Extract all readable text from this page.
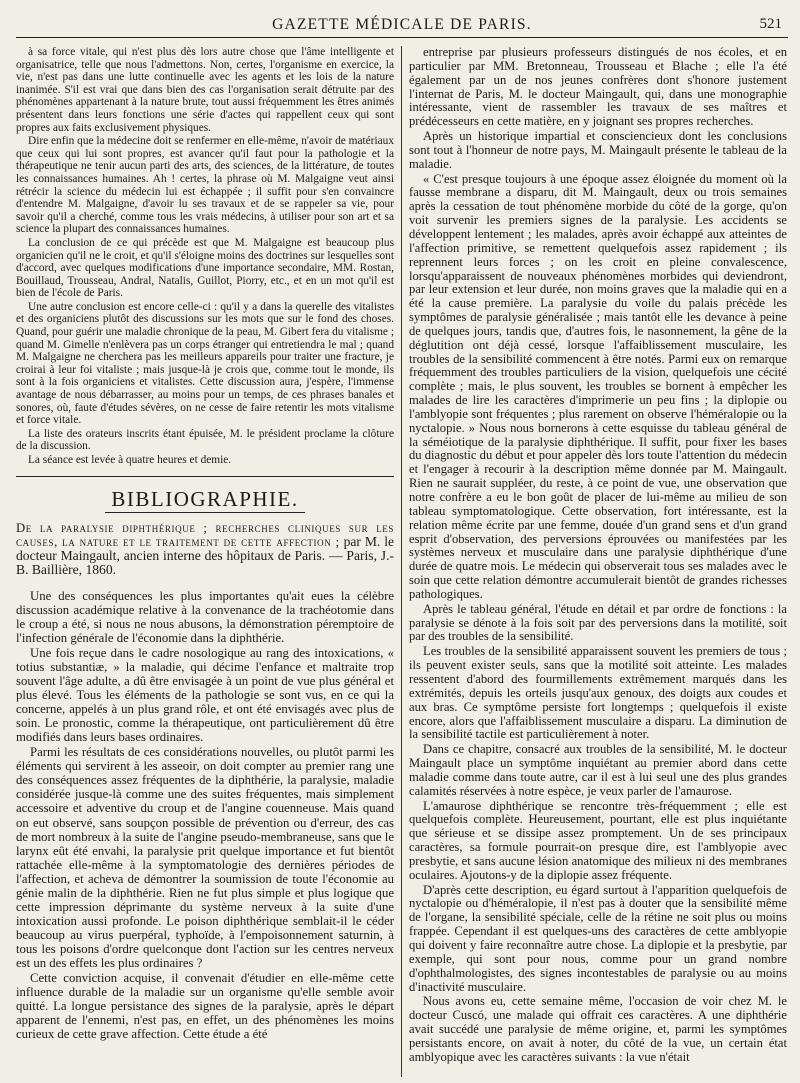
GAZETTE MÉDICALE DE PARIS.	521

à sa force vitale, qui n'est plus dès lors autre chose que l'âme intelligente et organisatrice, telle que nous l'admettons. Non, certes, l'organisme en exercice, la vie, n'est pas dans une lutte continuelle avec les agents et les lois de la nature inanimée. S'il est vrai que dans bien des cas l'organisation serait détruite par des phénomènes appartenant à la nature brute, tout aussi fréquemment les êtres animés présentent dans leurs fonctions une série d'actes qui rappellent ceux qui sont propres aux faits exclusivement physiques.

Dire enfin que la médecine doit se renfermer en elle-même, n'avoir de matériaux que ceux qui lui sont propres, est avancer qu'il faut pour la pathologie et la thérapeutique ne tenir aucun parti des arts, des sciences, de la littérature, de toutes les connaissances humaines. Ah ! certes, la phrase où M. Malgaigne veut ainsi rétrécir la science du médecin lui est échappée ; il suffit pour s'en convaincre d'entendre M. Malgaigne, d'avoir lu ses travaux et de se rappeler sa vie, pour savoir qu'il a cherché, comme tous les vrais médecins, à utiliser pour son art et sa science la plupart des connaissances humaines.

La conclusion de ce qui précède est que M. Malgaigne est beaucoup plus organicien qu'il ne le croit, et qu'il s'éloigne moins des doctrines sur lesquelles sont d'accord, avec quelques modifications d'une importance secondaire, MM. Rostan, Bouillaud, Trousseau, Andral, Natalis, Guillot, Piorry, etc., et en un mot qu'il est bien de l'école de Paris.

Une autre conclusion est encore celle-ci : qu'il y a dans la querelle des vitalistes et des organiciens plutôt des discussions sur les mots que sur le fond des choses. Quand, pour guérir une maladie chronique de la peau, M. Gibert fera du vitalisme ; quand M. Gimelle n'enlèvera pas un corps étranger qui entretiendra le mal ; quand M. Malgaigne ne cherchera pas les meilleurs appareils pour traiter une fracture, je croirai à leur foi vitaliste ; mais jusque-là je crois que, comme tout le monde, ils sont à la fois organiciens et vitalistes. Cette discussion aura, j'espère, l'immense avantage de nous débarrasser, au moins pour un temps, de ces phrases banales et sonores, où, faute d'études sévères, on ne cesse de faire retentir les mots vitalisme et force vitale.

La liste des orateurs inscrits étant épuisée, M. le président proclame la clôture de la discussion.

La séance est levée à quatre heures et demie.

BIBLIOGRAPHIE.

De la paralysie diphthérique ; recherches cliniques sur les causes, la nature et le traitement de cette affection ; par M. le docteur Maingault, ancien interne des hôpitaux de Paris. — Paris, J.-B. Baillière, 1860.

Une des conséquences les plus importantes qu'ait eues la célèbre discussion académique relative à la convenance de la trachéotomie dans le croup a été, si nous ne nous abusons, la démonstration péremptoire de l'infection générale de l'économie dans la diphthérie.

Une fois reçue dans le cadre nosologique au rang des intoxications, « totius substantiæ, » la maladie, qui décime l'enfance et maltraite trop souvent l'âge adulte, a dû être envisagée à un point de vue plus général et plus élevé. Tous les éléments de la pathologie se sont vus, en ce qui la concerne, appelés à un plus grand rôle, et ont été envisagés avec plus de soin. Le pronostic, comme la thérapeutique, ont particulièrement dû être modifiés dans leurs bases ordinaires.

Parmi les résultats de ces considérations nouvelles, ou plutôt parmi les éléments qui servirent à les asseoir, on doit compter au premier rang une des conséquences assez fréquentes de la diphthérie, la paralysie, maladie considérée jusque-là comme une des suites fréquentes, mais simplement accessoire et adventive du croup et de l'angine couenneuse. Mais quand on eut observé, sans soupçon possible de prévention ou d'erreur, des cas de mort nombreux à la suite de l'angine pseudo-membraneuse, sans que le larynx eût été envahi, la paralysie prit quelque importance et fut bientôt rattachée elle-même à la symptomatologie des dernières périodes de l'affection, et acheva de démontrer la soumission de toute l'économie au génie malin de la diphthérie. Rien ne fut plus simple et plus logique que cette impression déprimante du système nerveux à la suite d'une intoxication aussi profonde. Le poison diphthérique semblait-il le céder beaucoup au virus puerpéral, typhoïde, à l'empoisonnement saturnin, à tous les poisons d'ordre quelconque dont l'action sur les centres nerveux est un des effets les plus ordinaires ?

Cette conviction acquise, il convenait d'étudier en elle-même cette influence durable de la maladie sur un organisme qu'elle semble avoir quitté. La longue persistance des signes de la paralysie, après le départ apparent de l'ennemi, n'est pas, en effet, un des phénomènes les moins curieux de cette grave affection. Cette étude a été

entreprise par plusieurs professeurs distingués de nos écoles, et en particulier par MM. Bretonneau, Trousseau et Blache ; elle l'a été également par un de nos jeunes confrères dont s'honore justement l'internat de Paris, M. le docteur Maingault, qui, dans une monographie intéressante, vient de rassembler les travaux de ses maîtres et prédécesseurs en cette matière, en y joignant ses propres recherches.

Après un historique impartial et consciencieux dont les conclusions sont tout à l'honneur de notre pays, M. Maingault présente le tableau de la maladie.

« C'est presque toujours à une époque assez éloignée du moment où la fausse membrane a disparu, dit M. Maingault, deux ou trois semaines après la cessation de tout phénomène morbide du côté de la gorge, qu'on voit survenir les premiers signes de la paralysie. Les accidents se développent lentement ; les malades, après avoir échappé aux atteintes de l'affection primitive, se remettent quelquefois assez rapidement ; ils reprennent leurs forces ; on les croit en pleine convalescence, lorsqu'apparaissent de nouveaux phénomènes morbides qui deviendront, par leur extension et leur durée, non moins graves que la maladie qui en a été la cause première. La paralysie du voile du palais précède les symptômes de paralysie généralisée ; mais tantôt elle les devance à peine de quelques jours, tandis que, d'autres fois, le nasonnement, la gêne de la déglutition ont déjà cessé, lorsque l'affaiblissement musculaire, les troubles de la sensibilité commencent à être notés. Parmi eux on remarque fréquemment des troubles particuliers de la vision, quelquefois une cécité complète ; mais, le plus souvent, les troubles se bornent à empêcher les malades de lire les caractères d'imprimerie un peu fins ; la diplopie ou l'amblyopie sont fréquentes ; plus rarement on observe l'héméralopie ou la nyctalopie. » Nous nous bornerons à cette esquisse du tableau général de la séméiotique de la paralysie diphthérique. Il suffit, pour fixer les bases du diagnostic du début et pour appeler dès lors toute l'attention du médecin et l'engager à recourir à la description même donnée par M. Maingault. Rien ne saurait suppléer, du reste, à ce point de vue, une observation que notre confrère a eu le bon goût de placer de lui-même au milieu de son tableau symptomatologique. Cette observation, fort intéressante, est la relation même écrite par une femme, douée d'un grand sens et d'un grand esprit d'observation, des perversions éprouvées ou manifestées par les systèmes nerveux et musculaire dans une paralysie diphthérique d'une durée de quatre mois. Le médecin qui observerait tous ses malades avec le soin que cette relation démontre accumulerait bientôt de grandes richesses pathologiques.

Après le tableau général, l'étude en détail et par ordre de fonctions : la paralysie se dénote à la fois soit par des perversions dans la motilité, soit par des troubles de la sensibilité.

Les troubles de la sensibilité apparaissent souvent les premiers de tous ; ils peuvent exister seuls, sans que la motilité soit atteinte. Les malades ressentent d'abord des fourmillements extrêmement marqués dans les extrémités, depuis les orteils jusqu'aux genoux, des doigts aux coudes et aux bras. Ce symptôme persiste fort longtemps ; quelquefois il existe encore, alors que l'affaiblissement musculaire a disparu. La diminution de la sensibilité tactile est particulièrement à noter.

Dans ce chapitre, consacré aux troubles de la sensibilité, M. le docteur Maingault place un symptôme inquiétant au premier abord dans cette maladie comme dans toute autre, car il est à lui seul une des plus grandes calamités réservées à notre espèce, je veux parler de l'amaurose.

L'amaurose diphthérique se rencontre très-fréquemment ; elle est quelquefois complète. Heureusement, pourtant, elle est plus inquiétante que sérieuse et se dissipe assez promptement. Un de ses principaux caractères, sa formule pourrait-on presque dire, est l'amblyopie avec presbytie, et sans aucune lésion anatomique des milieux ni des membranes oculaires. Ajoutons-y de la diplopie assez fréquente.

D'après cette description, eu égard surtout à l'apparition quelquefois de nyctalopie ou d'héméralopie, il n'est pas à douter que la sensibilité même de l'organe, la sensibilité spéciale, celle de la rétine ne soit plus ou moins frappée. Cependant il est quelques-uns des caractères de cette amblyopie qui doivent y faire reconnaître autre chose. La diplopie et la presbytie, par exemple, qui sont pour nous, comme pour un grand nombre d'ophthalmologistes, des signes incontestables de paralysie ou au moins d'inactivité musculaire.

Nous avons eu, cette semaine même, l'occasion de voir chez M. le docteur Cuscó, une malade qui offrait ces caractères. A une diphthérie avait succédé une paralysie de même origine, et, parmi les symptômes persistants encore, on avait à noter, du côté de la vue, un certain état amblyopique avec les caractères suivants : la vue n'était
